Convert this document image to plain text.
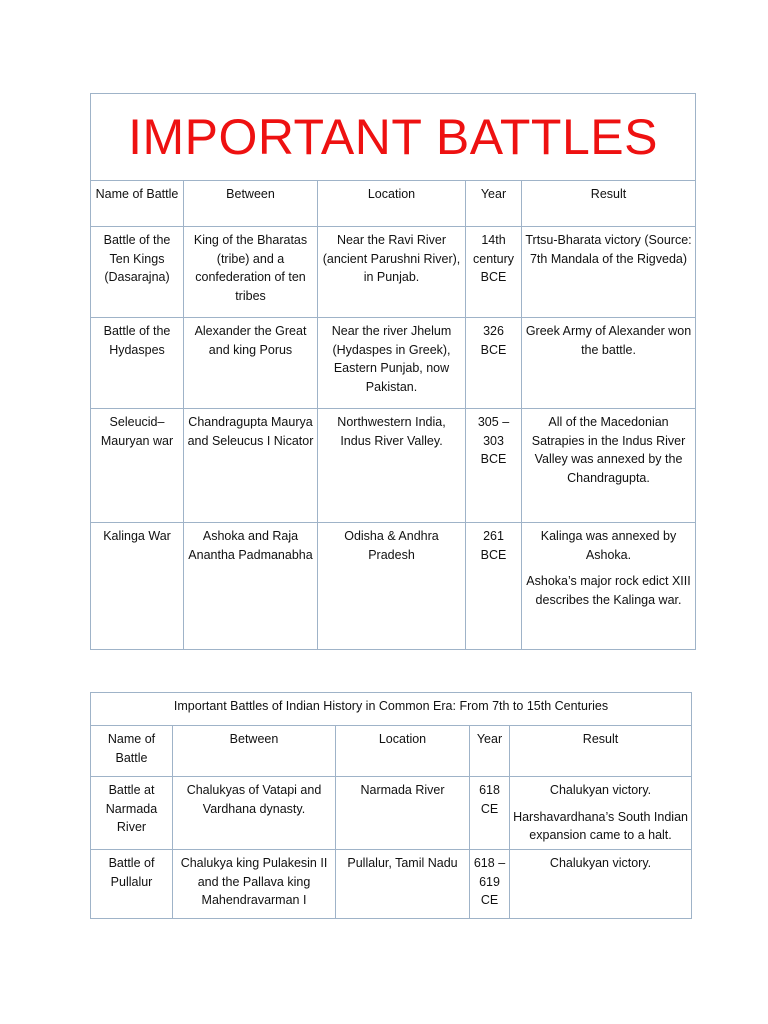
IMPORTANT BATTLES				

Name of Battle	Between	Location	Year	Result
Battle of the Ten Kings (Dasarajna)	King of the Bharatas (tribe) and a confederation of ten tribes	Near the Ravi River (ancient Parushni River), in Punjab.	14th century BCE	Trtsu-Bharata victory (Source: 7th Mandala of the Rigveda)

Battle of the Hydaspes	Alexander the Great and king Porus	Near the river Jhelum (Hydaspes in Greek), Eastern Punjab, now Pakistan.	326 BCE	Greek Army of Alexander won the battle.

Seleucid–Mauryan war	Chandragupta Maurya and Seleucus I Nicator	Northwestern India, Indus River Valley.	305 – 303 BCE	All of the Macedonian Satrapies in the Indus River Valley was annexed by the Chandragupta.

Kalinga War	Ashoka and Raja Anantha Padmanabha	Odisha & Andhra Pradesh	261 BCE	Kalinga was annexed by Ashoka.

Ashoka’s major rock edict XIII describes the Kalinga war.

Important Battles of Indian History in Common Era: From 7th to 15th Centuries				
Name of Battle	Between	Location	Year	Result
Battle at Narmada River	Chalukyas of Vatapi and Vardhana dynasty.	Narmada River	618 CE	Chalukyan victory.

Harshavardhana’s South Indian expansion came to a halt.

Battle of Pullalur	Chalukya king Pulakesin II and the Pallava king Mahendravarman I	Pullalur, Tamil Nadu	618 – 619 CE	Chalukyan victory.
